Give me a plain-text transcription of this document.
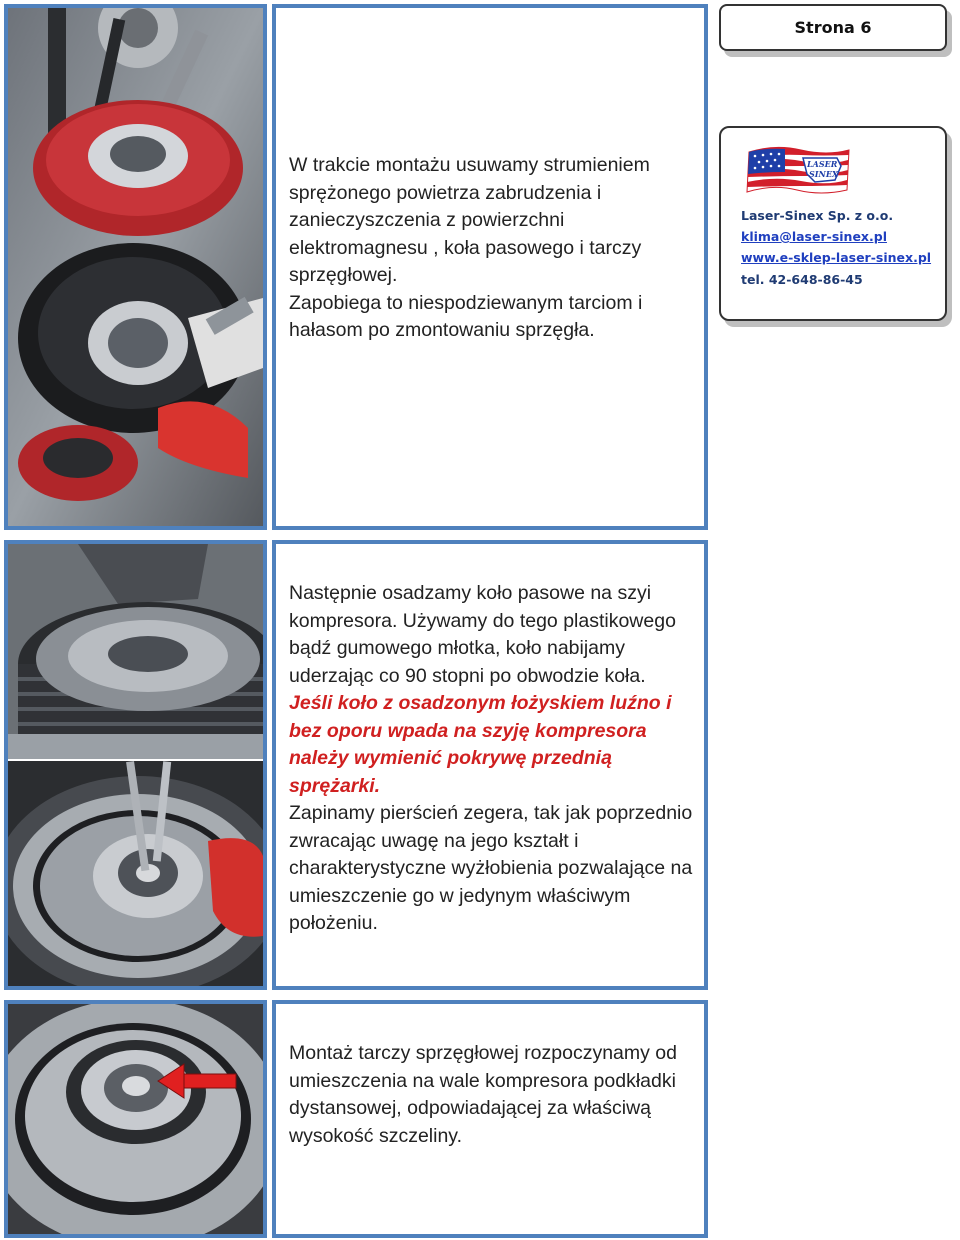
W trakcie montażu usuwamy strumieniem sprężonego powietrza zabrudzenia i zanieczyszczenia z powierzchni elektromagnesu , koła pasowego i tarczy sprzęgłowej.

Zapobiega to niespodziewanym tarciom i hałasom po zmontowaniu sprzęgła.

Strona 6
LASER
SINEX
Laser-Sinex Sp. z o.o.
klima@laser-sinex.pl
www.e-sklep-laser-sinex.pl
tel. 42-648-86-45

Następnie osadzamy koło pasowe na szyi kompresora. Używamy do tego plastikowego bądź gumowego młotka, koło nabijamy uderzając co 90 stopni po obwodzie koła. Jeśli koło z osadzonym łożyskiem luźno i bez oporu wpada na szyję kompresora należy wymienić pokrywę przednią sprężarki.

Zapinamy pierścień zegera, tak jak poprzednio zwracając uwagę na jego kształt i charakterystyczne wyżłobienia pozwalające na umieszczenie go w jedynym właściwym położeniu.

Montaż tarczy sprzęgłowej rozpoczynamy od umieszczenia na wale kompresora podkładki dystansowej, odpowiadającej za właściwą wysokość szczeliny.
